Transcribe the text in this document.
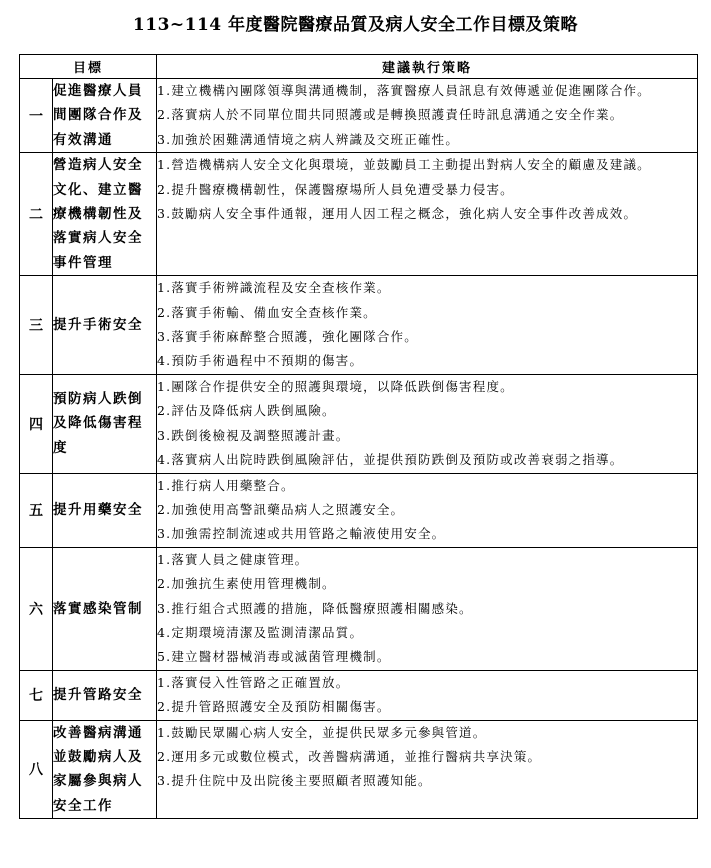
113~114 年度醫院醫療品質及病人安全工作目標及策略
目標		建議執行策略
一	促進醫療人員間團隊合作及有效溝通	1.建立機構內團隊領導與溝通機制，落實醫療人員訊息有效傳遞並促進團隊合作。
2.落實病人於不同單位間共同照護或是轉換照護責任時訊息溝通之安全作業。
3.加強於困難溝通情境之病人辨識及交班正確性。

二	營造病人安全文化、建立醫療機構韌性及落實病人安全事件管理	1.營造機構病人安全文化與環境，並鼓勵員工主動提出對病人安全的顧慮及建議。
2.提升醫療機構韌性，保護醫療場所人員免遭受暴力侵害。
3.鼓勵病人安全事件通報，運用人因工程之概念，強化病人安全事件改善成效。

三	提升手術安全	1.落實手術辨識流程及安全查核作業。
2.落實手術輸、備血安全查核作業。
3.落實手術麻醉整合照護，強化團隊合作。
4.預防手術過程中不預期的傷害。

四	預防病人跌倒及降低傷害程度	1.團隊合作提供安全的照護與環境，以降低跌倒傷害程度。
2.評估及降低病人跌倒風險。
3.跌倒後檢視及調整照護計畫。
4.落實病人出院時跌倒風險評估，並提供預防跌倒及預防或改善衰弱之指導。

五	提升用藥安全	1.推行病人用藥整合。
2.加強使用高警訊藥品病人之照護安全。
3.加強需控制流速或共用管路之輸液使用安全。

六	落實感染管制	1.落實人員之健康管理。
2.加強抗生素使用管理機制。
3.推行組合式照護的措施，降低醫療照護相關感染。
4.定期環境清潔及監測清潔品質。
5.建立醫材器械消毒或滅菌管理機制。

七	提升管路安全	1.落實侵入性管路之正確置放。
2.提升管路照護安全及預防相關傷害。

八	改善醫病溝通並鼓勵病人及家屬參與病人安全工作	1.鼓勵民眾關心病人安全，並提供民眾多元參與管道。
2.運用多元或數位模式，改善醫病溝通，並推行醫病共享決策。
3.提升住院中及出院後主要照顧者照護知能。
